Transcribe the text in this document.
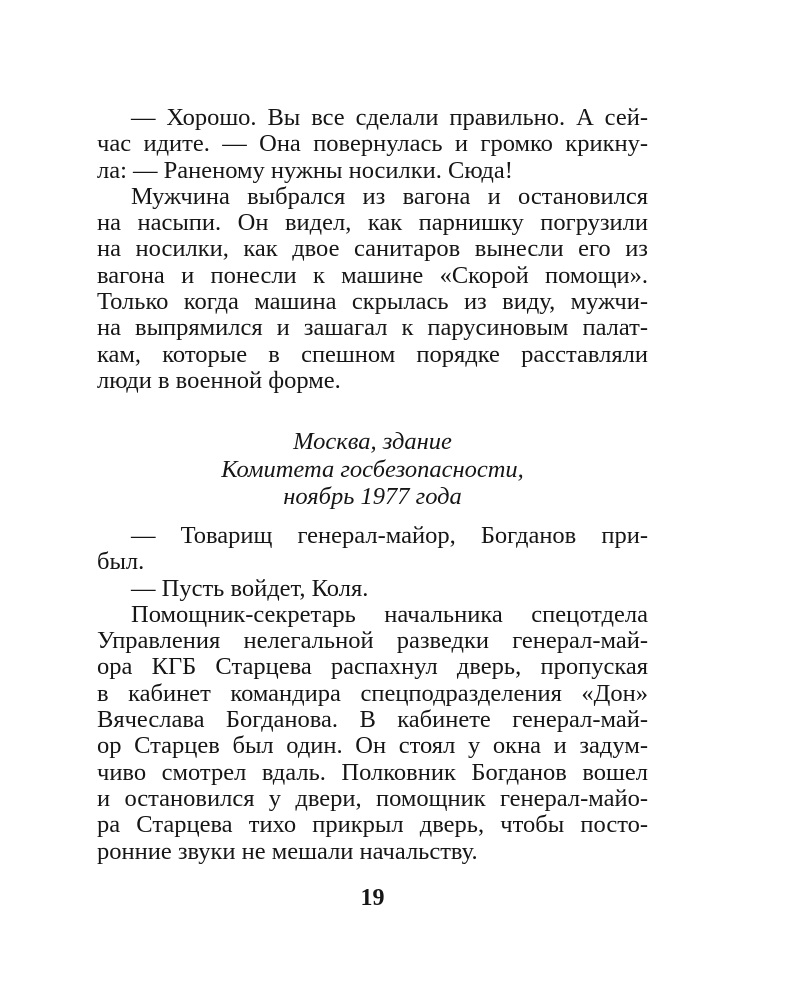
— Хорошо. Вы все сделали правильно. А сей-
час идите. — Она повернулась и громко крикну-
ла: — Раненому нужны носилки. Сюда!
Мужчина выбрался из вагона и остановился
на насыпи. Он видел, как парнишку погрузили
на носилки, как двое санитаров вынесли его из
вагона и понесли к машине «Скорой помощи».
Только когда машина скрылась из виду, мужчи-
на выпрямился и зашагал к парусиновым палат-
кам, которые в спешном порядке расставляли
люди в военной форме.
Москва, здание
Комитета госбезопасности,
ноябрь 1977 года
— Товарищ генерал-майор, Богданов при-
был.
— Пусть войдет, Коля.
Помощник-секретарь начальника спецотдела
Управления нелегальной разведки генерал-май-
ора КГБ Старцева распахнул дверь, пропуская
в кабинет командира спецподразделения «Дон»
Вячеслава Богданова. В кабинете генерал-май-
ор Старцев был один. Он стоял у окна и задум-
чиво смотрел вдаль. Полковник Богданов вошел
и остановился у двери, помощник генерал-майо-
ра Старцева тихо прикрыл дверь, чтобы посто-
ронние звуки не мешали начальству.
19
